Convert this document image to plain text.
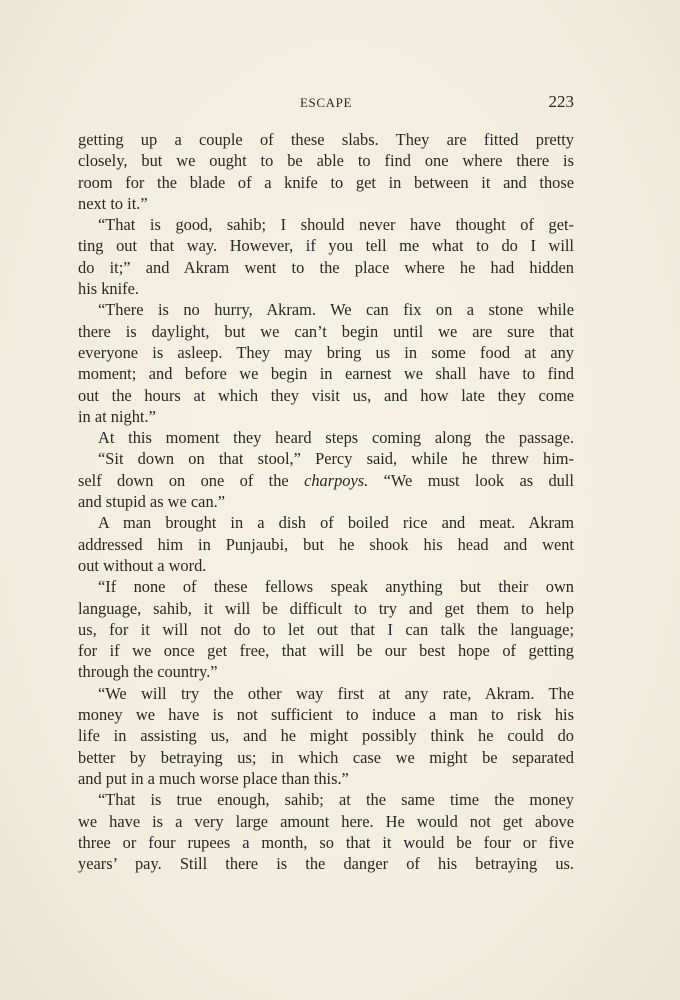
ESCAPE	223
getting up a couple of these slabs. They are fitted pretty
closely, but we ought to be able to find one where there is
room for the blade of a knife to get in between it and those
next to it.”
“That is good, sahib; I should never have thought of get-
ting out that way. However, if you tell me what to do I will
do it;” and Akram went to the place where he had hidden
his knife.
“There is no hurry, Akram. We can fix on a stone while
there is daylight, but we can’t begin until we are sure that
everyone is asleep. They may bring us in some food at any
moment; and before we begin in earnest we shall have to find
out the hours at which they visit us, and how late they come
in at night.”
At this moment they heard steps coming along the passage.
“Sit down on that stool,” Percy said, while he threw him-
self down on one of the charpoys. “We must look as dull
and stupid as we can.”
A man brought in a dish of boiled rice and meat. Akram
addressed him in Punjaubi, but he shook his head and went
out without a word.
“If none of these fellows speak anything but their own
language, sahib, it will be difficult to try and get them to help
us, for it will not do to let out that I can talk the language;
for if we once get free, that will be our best hope of getting
through the country.”
“We will try the other way first at any rate, Akram. The
money we have is not sufficient to induce a man to risk his
life in assisting us, and he might possibly think he could do
better by betraying us; in which case we might be separated
and put in a much worse place than this.”
“That is true enough, sahib; at the same time the money
we have is a very large amount here. He would not get above
three or four rupees a month, so that it would be four or five
years’ pay. Still there is the danger of his betraying us.
